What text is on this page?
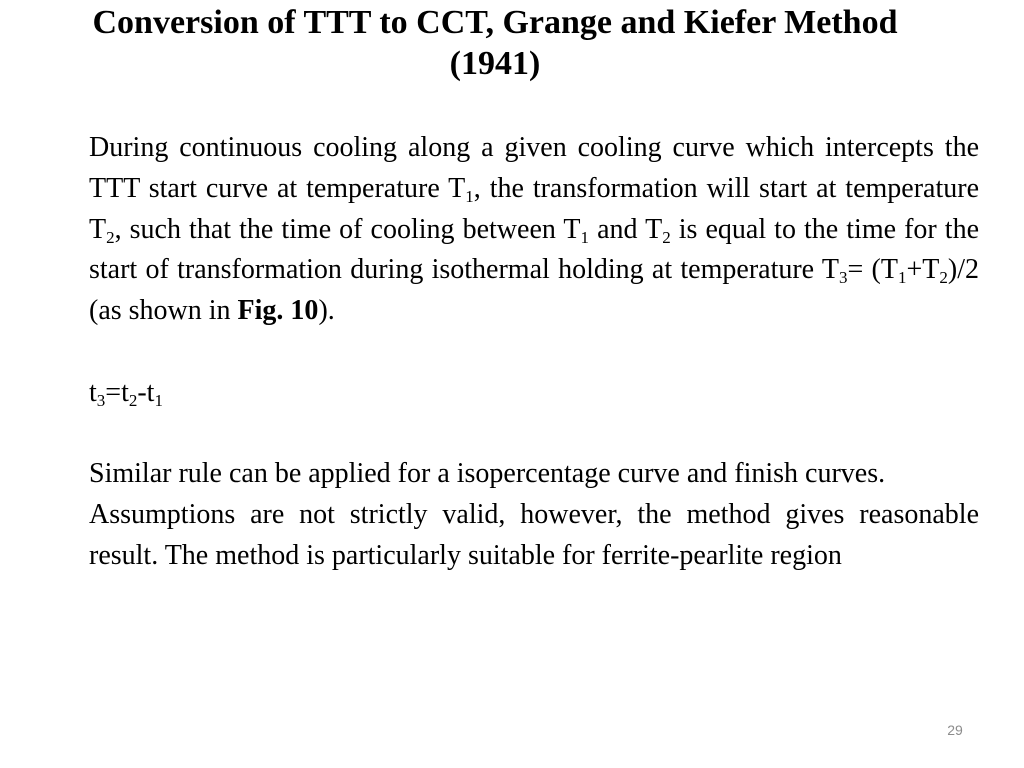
Conversion of TTT to CCT, Grange and Kiefer Method
(1941)

During continuous cooling along a given cooling curve which intercepts the TTT start curve at temperature $T_1$, the transformation will start at temperature $T_2$, such that the time of cooling between $T_1$ and $T_2$ is equal to the time for the start of transformation during isothermal holding at temperature $T_3= (T_1+T_2)/2$ (as shown in Fig. 10).

$t_3=t_2-t_1$

Similar rule can be applied for a isopercentage curve and finish curves.

Assumptions are not strictly valid, however, the method gives reasonable result. The method is particularly suitable for ferrite-pearlite region

29
